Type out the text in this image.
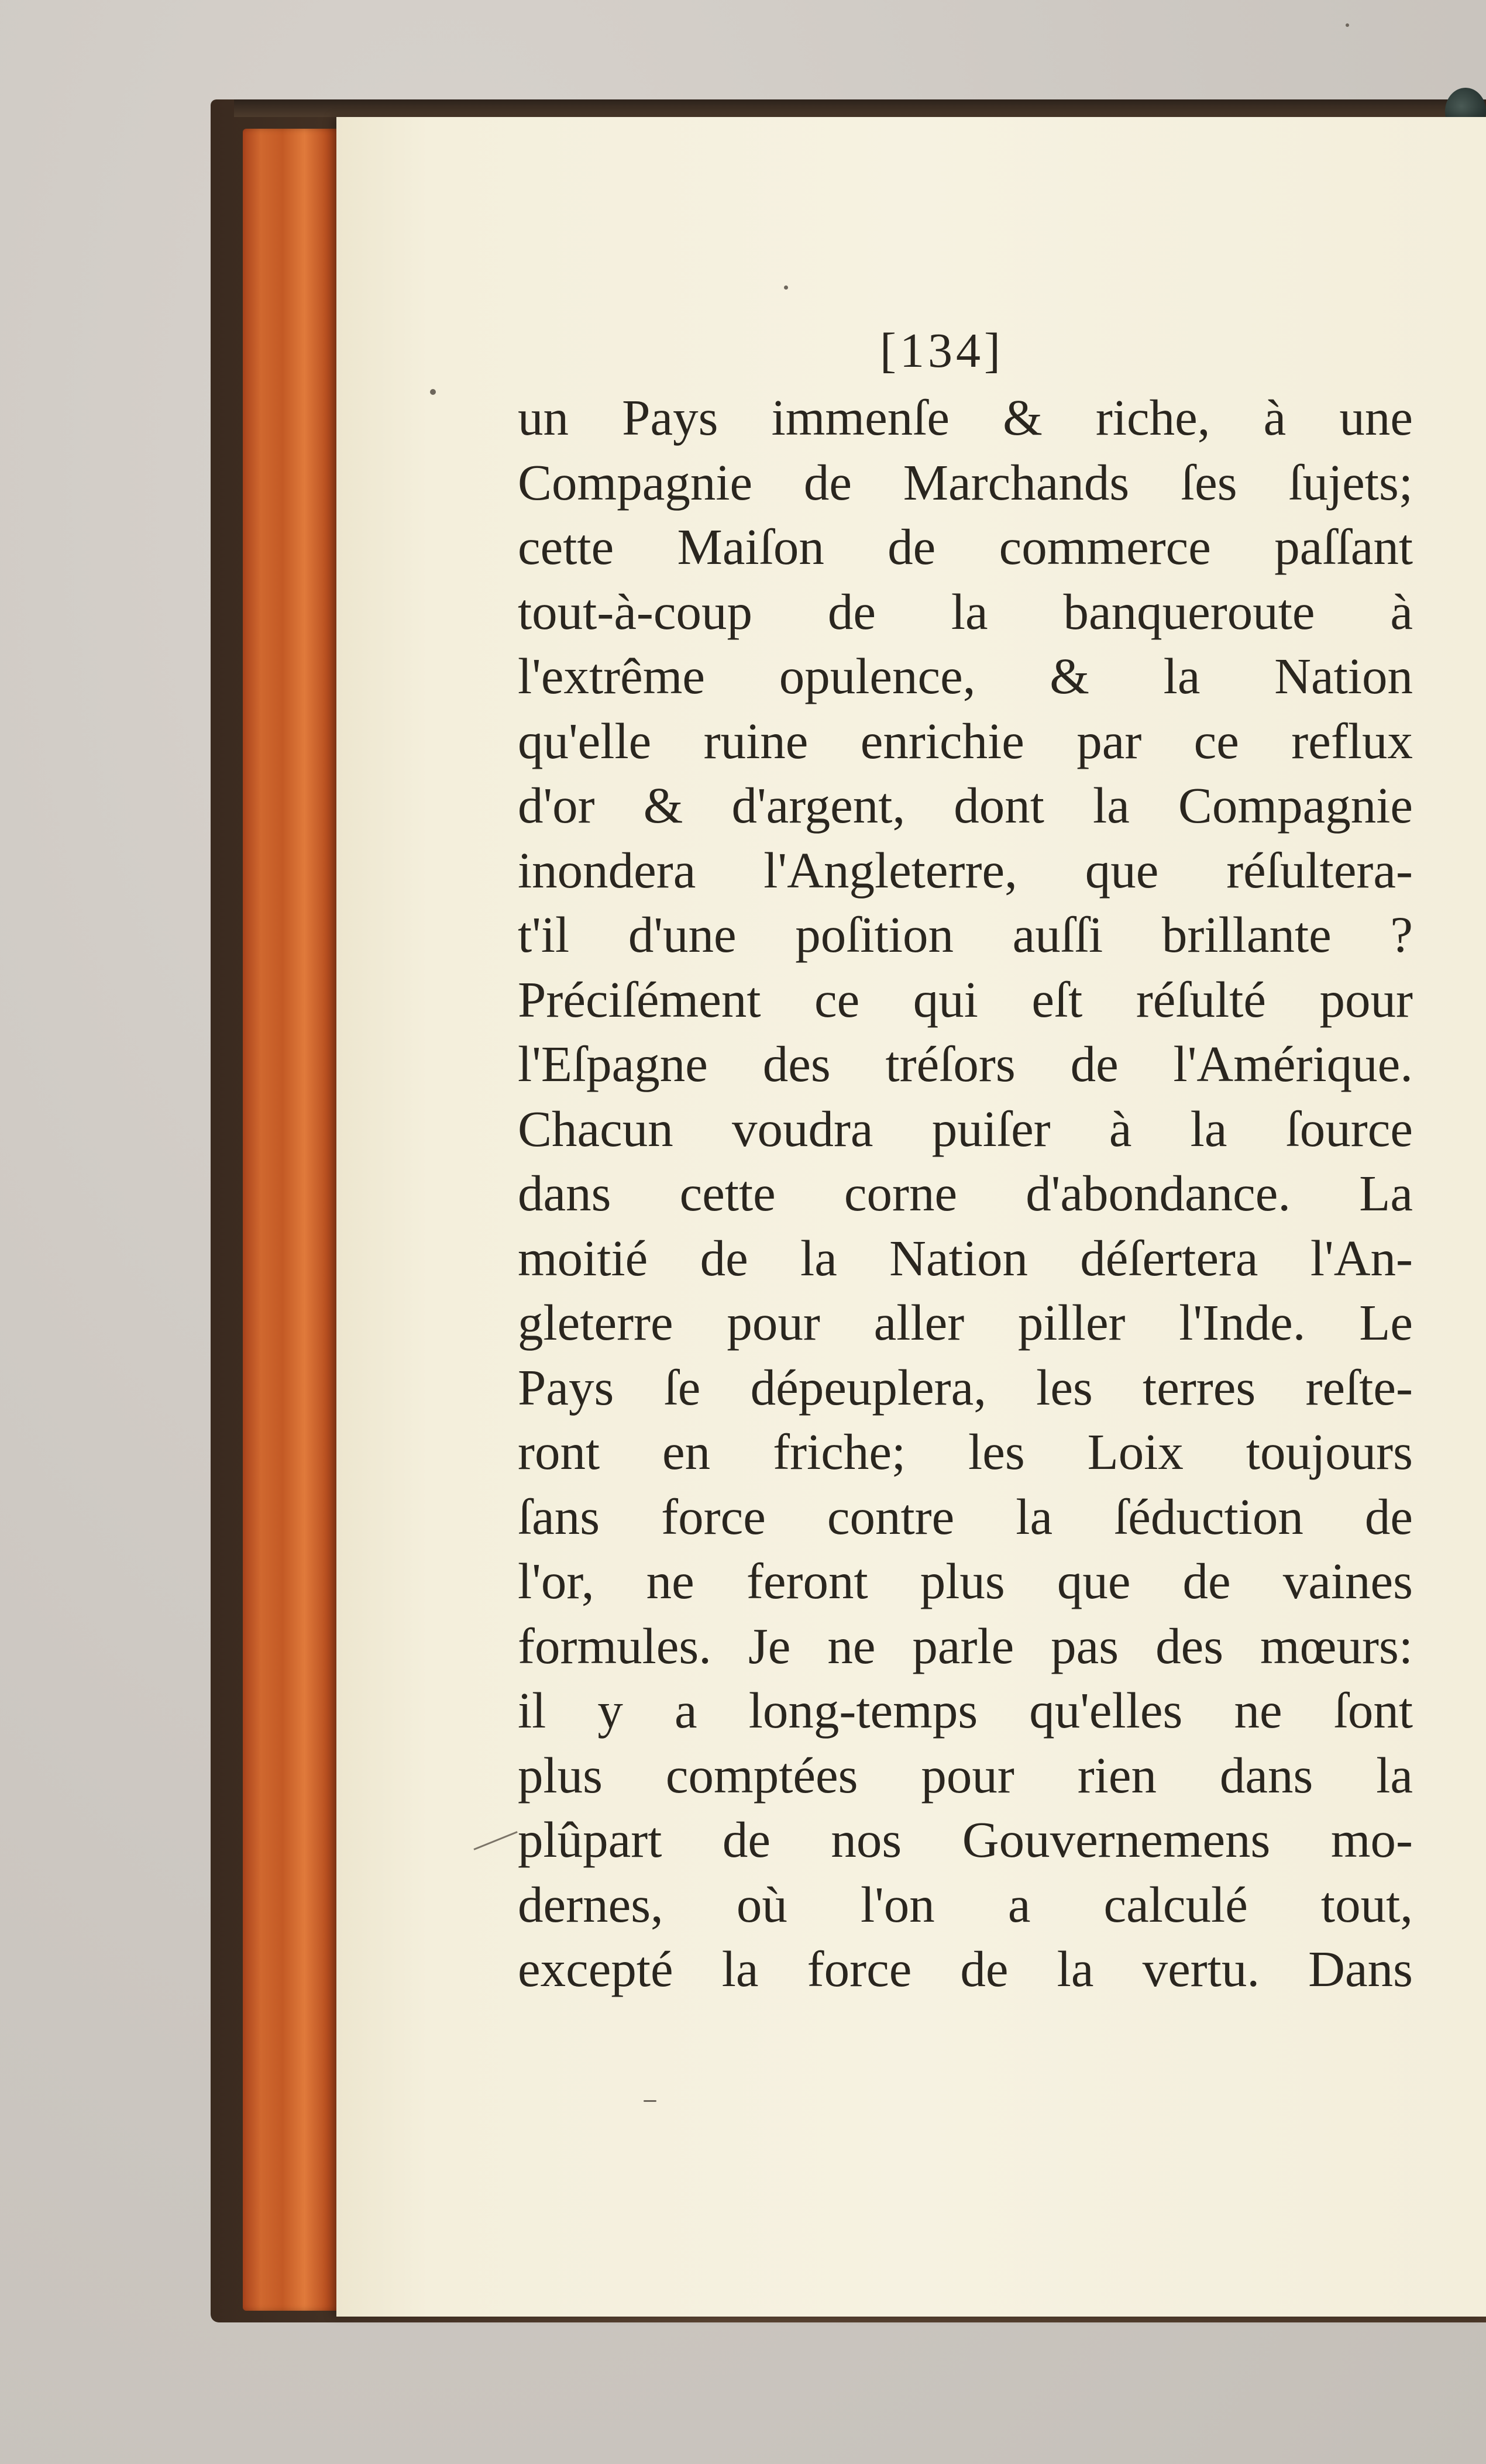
[134]
un Pays immenſe & riche, à une
Compagnie de Marchands ſes ſujets;
cette Maiſon de commerce paſſant
tout-à-coup de la banqueroute à
l'extrême opulence, & la Nation
qu'elle ruine enrichie par ce reflux
d'or & d'argent, dont la Compagnie
inondera l'Angleterre, que réſultera-
t'il d'une poſition auſſi brillante ?
Préciſément ce qui eſt réſulté pour
l'Eſpagne des tréſors de l'Amérique.
Chacun voudra puiſer à la ſource
dans cette corne d'abondance. La
moitié de la Nation déſertera l'An-
gleterre pour aller piller l'Inde. Le
Pays ſe dépeuplera, les terres reſte-
ront en friche; les Loix toujours
ſans force contre la ſéduction de
l'or, ne feront plus que de vaines
formules. Je ne parle pas des mœurs:
il y a long-temps qu'elles ne ſont
plus comptées pour rien dans la
plûpart de nos Gouvernemens mo-
dernes, où l'on a calculé tout,
excepté la force de la vertu. Dans
